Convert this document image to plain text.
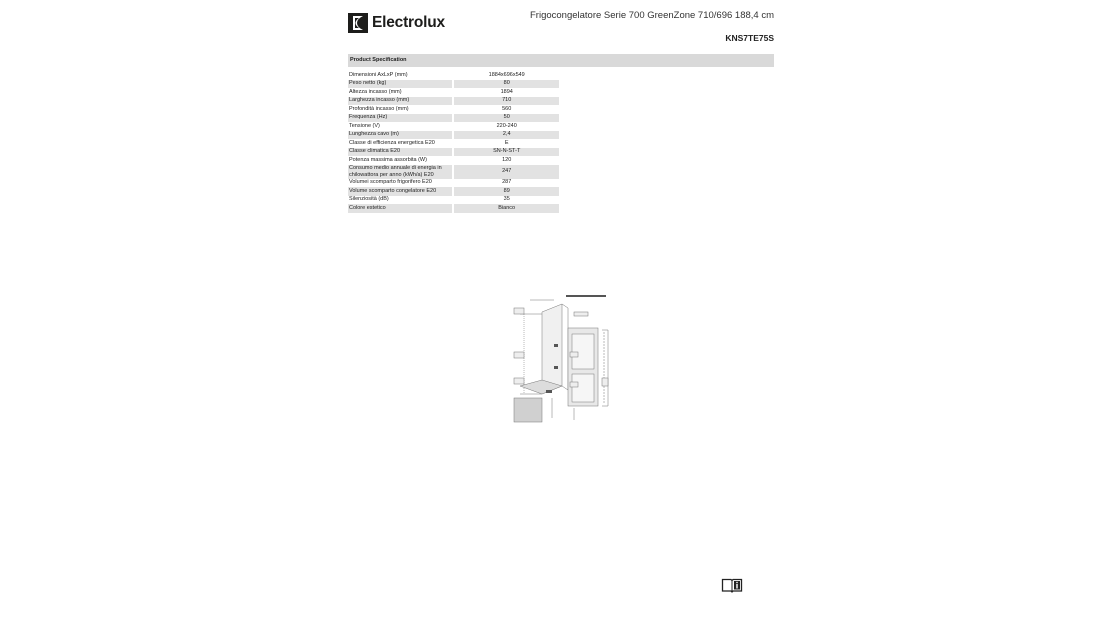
Electrolux	Frigocongelatore Serie 700 GreenZone 710/696 188,4 cm
KNS7TE75S
Product Specification
Dimensioni AxLxP (mm)	1884x696x549
Peso netto (kg)	80
Altezza incasso (mm)	1894
Larghezza incasso (mm)	710
Profondità incasso (mm)	560
Frequenza (Hz)	50
Tensione (V)	220-240
Lunghezza cavo (m)	2,4
Classe di efficienza energetica E20	E
Classe climatica E20	SN-N-ST-T
Potenza massima assorbita (W)	120
Consumo medio annuale di energia in chilowattora per anno (kWh/a) E20	247
Volumei scomparto frigorifero E20	287
Volume scomparto congelatore E20	89
Silenziosità (dB)	35
Colore estetico	Bianco
